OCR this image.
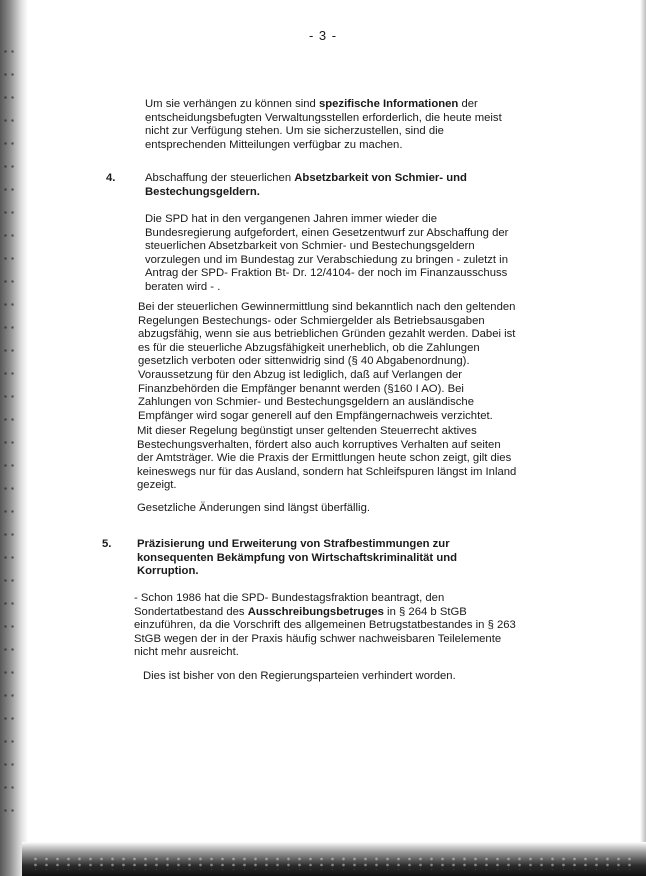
- 3 -

Um sie verhängen zu können sind spezifische Informationen der entscheidungsbefugten Verwaltungsstellen erforderlich, die heute meist nicht zur Verfügung stehen. Um sie sicherzustellen, sind die entsprechenden Mitteilungen verfügbar zu machen.

4.	Abschaffung der steuerlichen Absetzbarkeit von Schmier- und Bestechungsgeldern.

Die SPD hat in den vergangenen Jahren immer wieder die Bundesregierung aufgefordert, einen Gesetzentwurf zur Abschaffung der steuerlichen Absetzbarkeit von Schmier- und Bestechungsgeldern vorzulegen und im Bundestag zur Verabschiedung zu bringen - zuletzt in Antrag der SPD- Fraktion Bt- Dr. 12/4104- der noch im Finanzausschuss beraten wird - .

Bei der steuerlichen Gewinnermittlung sind bekanntlich nach den geltenden Regelungen Bestechungs- oder Schmiergelder als Betriebsausgaben abzugsfähig, wenn sie aus betrieblichen Gründen gezahlt werden. Dabei ist es für die steuerliche Abzugsfähigkeit unerheblich, ob die Zahlungen gesetzlich verboten oder sittenwidrig sind (§ 40 Abgabenordnung). Voraussetzung für den Abzug ist lediglich, daß auf Verlangen der Finanzbehörden die Empfänger benannt werden (§160 I AO). Bei Zahlungen von Schmier- und Bestechungsgeldern an ausländische Empfänger wird sogar generell auf den Empfängernachweis verzichtet.

Mit dieser Regelung begünstigt unser geltenden Steuerrecht aktives Bestechungsverhalten, fördert also auch korruptives Verhalten auf seiten der Amtsträger. Wie die Praxis der Ermittlungen heute schon zeigt, gilt dies keineswegs nur für das Ausland, sondern hat Schleifspuren längst im Inland gezeigt.

Gesetzliche Änderungen sind längst überfällig.

5. Präzisierung und Erweiterung von Strafbestimmungen zur konsequenten Bekämpfung von Wirtschaftskriminalität und Korruption.

- Schon 1986 hat die SPD- Bundestagsfraktion beantragt, den Sondertatbestand des Ausschreibungsbetruges in § 264 b StGB einzuführen, da die Vorschrift des allgemeinen Betrugstatbestandes in § 263 StGB wegen der in der Praxis häufig schwer nachweisbaren Teilelemente nicht mehr ausreicht.

Dies ist bisher von den Regierungsparteien verhindert worden.
